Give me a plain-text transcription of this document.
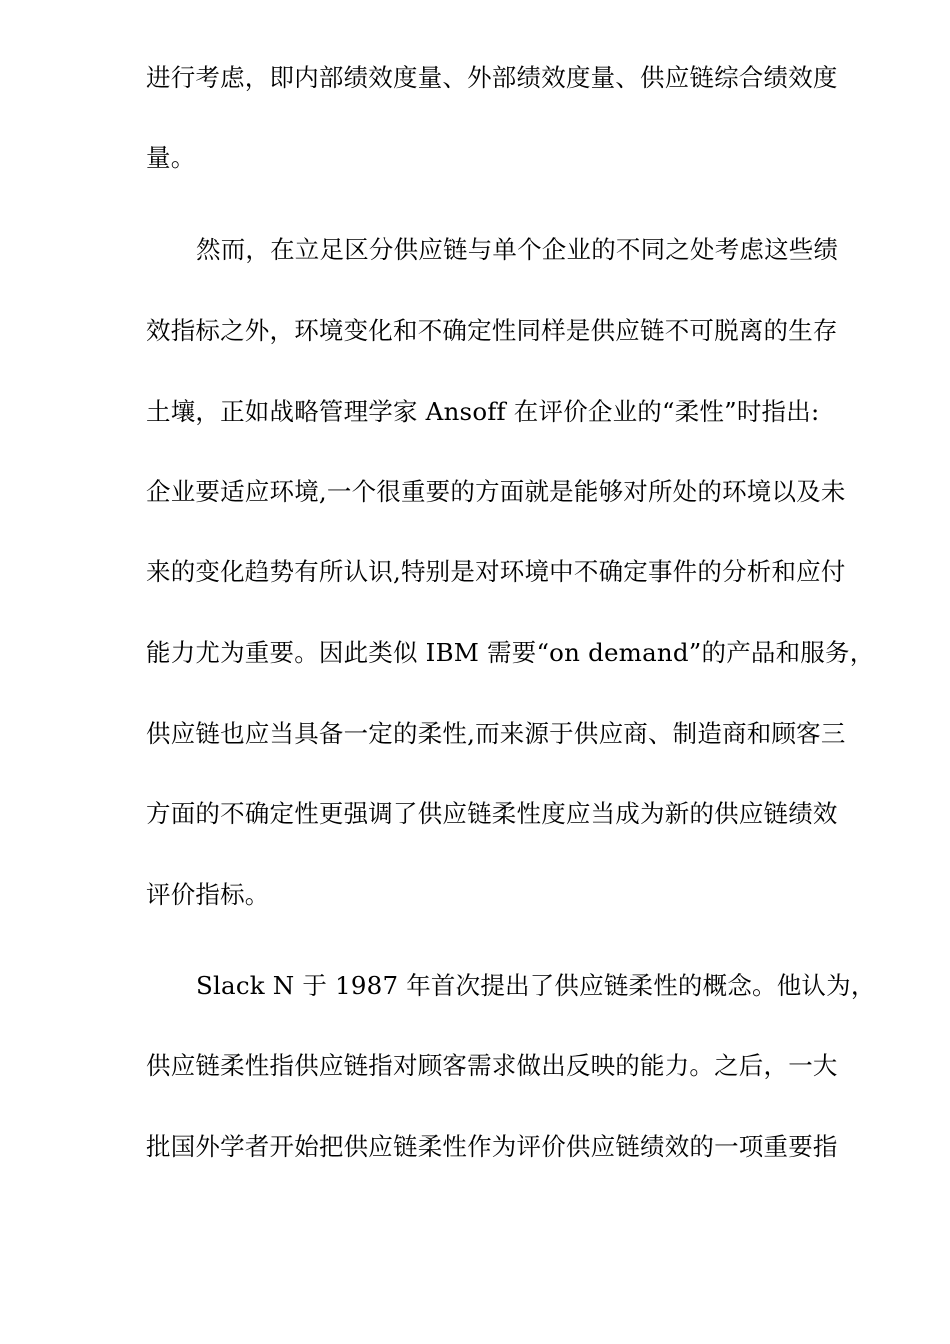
进行考虑，即内部绩效度量、外部绩效度量、供应链综合绩效度
量。
然而，在立足区分供应链与单个企业的不同之处考虑这些绩
效指标之外，环境变化和不确定性同样是供应链不可脱离的生存
土壤，正如战略管理学家 Ansoff 在评价企业的“柔性”时指出:
企业要适应环境,一个很重要的方面就是能够对所处的环境以及未
来的变化趋势有所认识,特别是对环境中不确定事件的分析和应付
能力尤为重要。因此类似 IBM 需要“on demand”的产品和服务，
供应链也应当具备一定的柔性,而来源于供应商、制造商和顾客三
方面的不确定性更强调了供应链柔性度应当成为新的供应链绩效
评价指标。
Slack N 于 1987 年首次提出了供应链柔性的概念。他认为，
供应链柔性指供应链指对顾客需求做出反映的能力。之后，一大
批国外学者开始把供应链柔性作为评价供应链绩效的一项重要指
